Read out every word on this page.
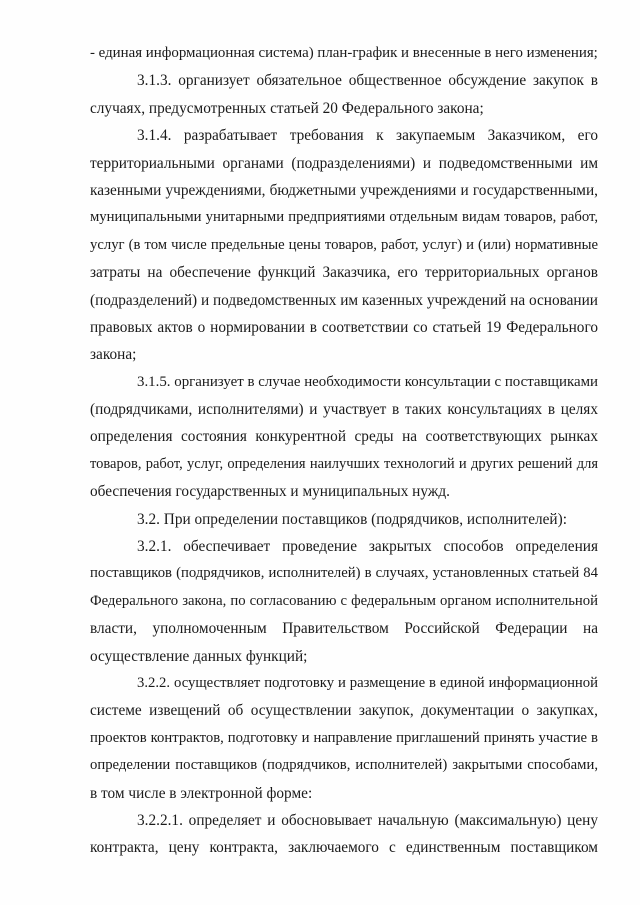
- единая информационная система) план-график и внесенные в него изменения;
3.1.3. организует обязательное общественное обсуждение закупок в
случаях, предусмотренных статьей 20 Федерального закона;
3.1.4. разрабатывает требования к закупаемым Заказчиком, его
территориальными органами (подразделениями) и подведомственными им
казенными учреждениями, бюджетными учреждениями и государственными,
муниципальными унитарными предприятиями отдельным видам товаров, работ,
услуг (в том числе предельные цены товаров, работ, услуг) и (или) нормативные
затраты на обеспечение функций Заказчика, его территориальных органов
(подразделений) и подведомственных им казенных учреждений на основании
правовых актов о нормировании в соответствии со статьей 19 Федерального
закона;
3.1.5. организует в случае необходимости консультации с поставщиками
(подрядчиками, исполнителями) и участвует в таких консультациях в целях
определения состояния конкурентной среды на соответствующих рынках
товаров, работ, услуг, определения наилучших технологий и других решений для
обеспечения государственных и муниципальных нужд.
3.2. При определении поставщиков (подрядчиков, исполнителей):
3.2.1. обеспечивает проведение закрытых способов определения
поставщиков (подрядчиков, исполнителей) в случаях, установленных статьей 84
Федерального закона, по согласованию с федеральным органом исполнительной
власти, уполномоченным Правительством Российской Федерации на
осуществление данных функций;
3.2.2. осуществляет подготовку и размещение в единой информационной
системе извещений об осуществлении закупок, документации о закупках,
проектов контрактов, подготовку и направление приглашений принять участие в
определении поставщиков (подрядчиков, исполнителей) закрытыми способами,
в том числе в электронной форме:
3.2.2.1. определяет и обосновывает начальную (максимальную) цену
контракта, цену контракта, заключаемого с единственным поставщиком
